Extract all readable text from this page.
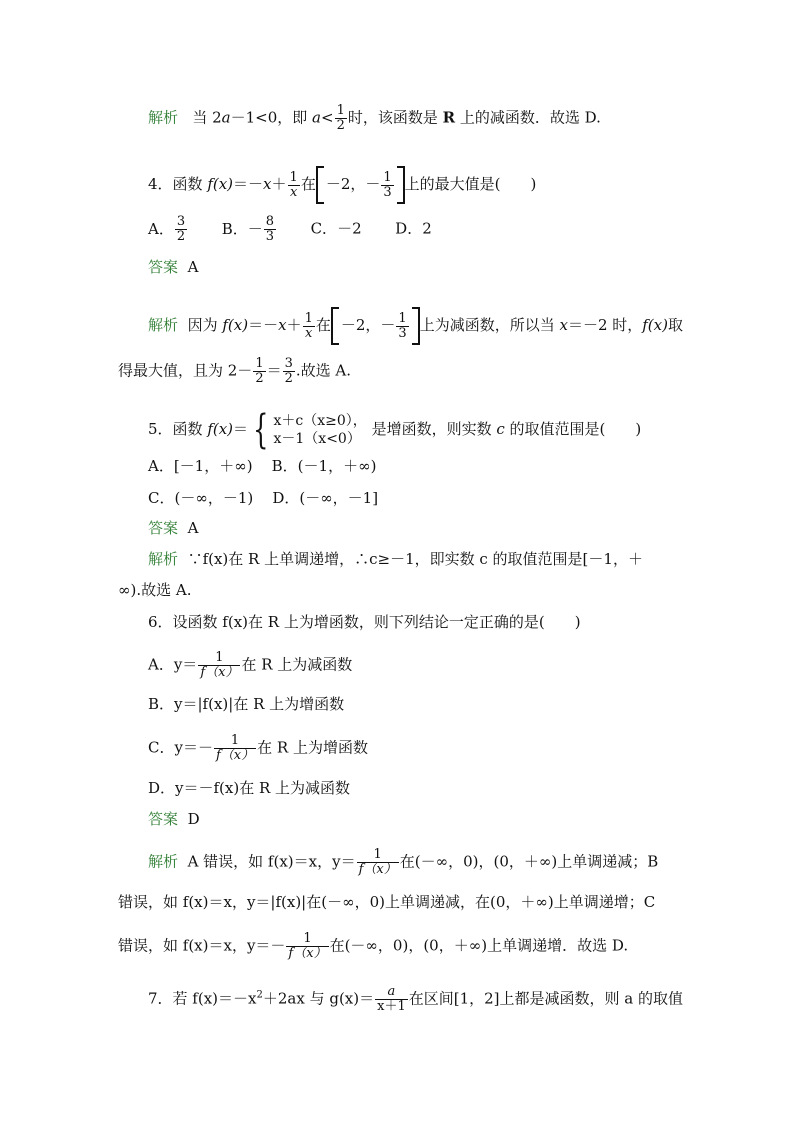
解析 当 2a－1<0，即 $a< \frac{1}{2}$ 时，该函数是 R 上的减函数．故选 D.
4．函数 $f(x)=-x+ \frac{1}{x}$ 在 －2，－ $\frac{1}{3}$ 上的最大值是(　　)
A． $\frac{3}{2}$ B．－ $\frac{8}{3}$ C．－2 D．2
答案 A
解析 因为 $f(x)=-x+ \frac{1}{x}$ 在 －2，－ $\frac{1}{3}$ 上为减函数，所以当 x＝－2 时，f(x)取
得最大值，且为 $2- \frac{1}{2} = \frac{3}{2}$ .故选 A.
5．函数 f(x)＝ { x＋c（x≥0），
x－1（x<0）
是增函数，则实数 c 的取值范围是(　　)
A．[－1，＋∞) B．(－1，＋∞)
C．(－∞，－1) D．(－∞，－1]
答案 A
解析 ∵f(x)在 R 上单调递增，∴c≥－1，即实数 c 的取值范围是[－1，＋
∞).故选 A.
6．设函数 f(x)在 R 上为增函数，则下列结论一定正确的是(　　)
A．$y= \frac{1}{f(x)}$ 在 R 上为减函数
B．y＝|f(x)|在 R 上为增函数
C．$y=- \frac{1}{f(x)}$ 在 R 上为增函数
D．y＝－f(x)在 R 上为减函数
答案 D
解析 A 错误，如 f(x)＝x，$y= \frac{1}{f(x)}$ 在(－∞，0)，(0，＋∞)上单调递减；B
错误，如 f(x)＝x，y＝|f(x)|在(－∞，0)上单调递减，在(0，＋∞)上单调递增；C
错误，如 f(x)＝x，$y=- \frac{1}{f(x)}$ 在(－∞，0)，(0，＋∞)上单调递增．故选 D.
7．若 $f(x)=-x^2+2ax$ 与 $g(x)= \frac{a}{x+1}$ 在区间[1，2]上都是减函数，则 a 的取值
